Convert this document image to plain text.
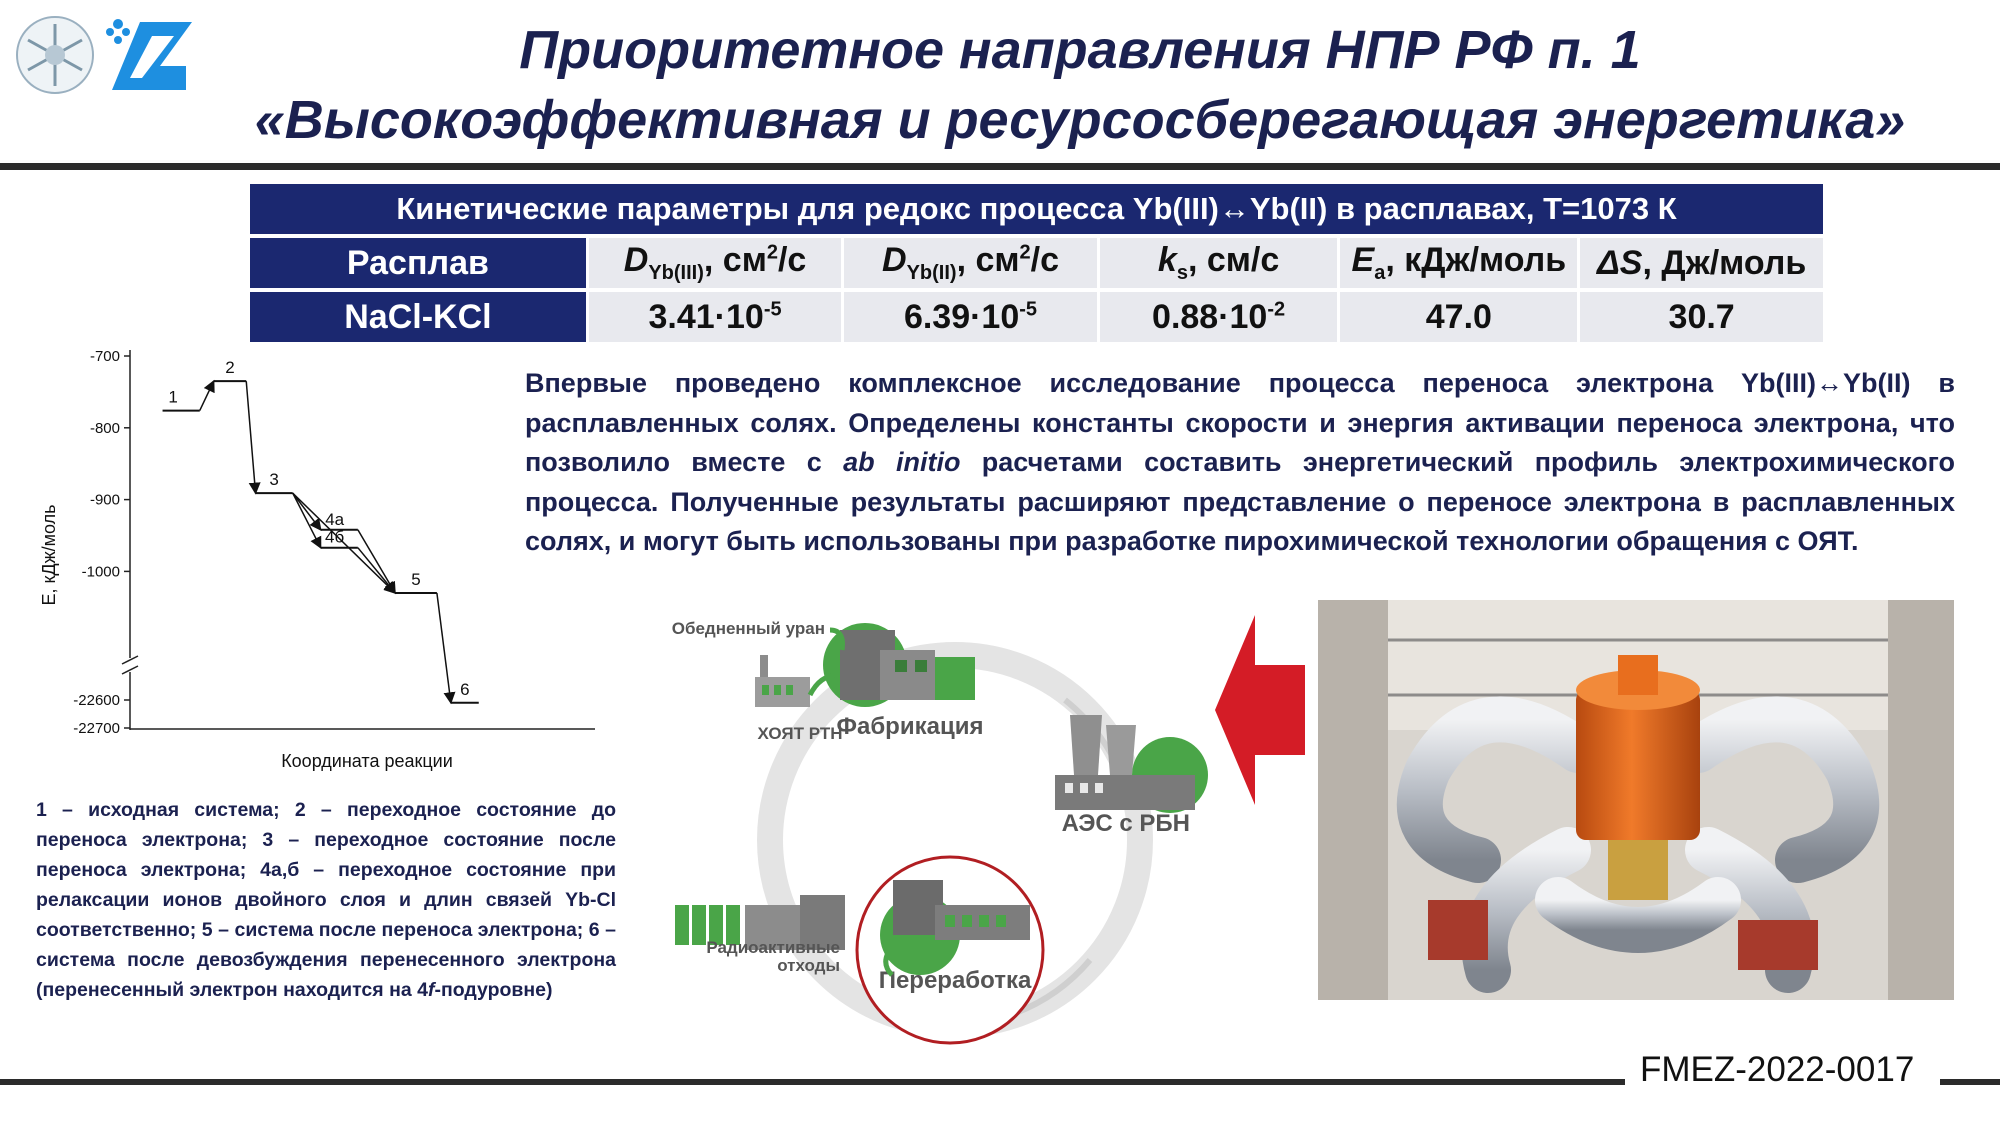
Приоритетное направления НПР РФ п. 1
«Высокоэффективная и ресурсосберегающая энергетика»
Кинетические параметры для редокс процесса Yb(III)↔Yb(II) в расплавах, T=1073 К					
Расплав	$D_{Yb(III)}$, $см^2/с$	$D_{Yb(II)}$, $см^2/с$	$k_s$, см/с	$E_a$, кДж/моль	ΔS, Дж/моль
NaCl-KCl	$3.41\cdot 10^{-5}$	$6.39\cdot 10^{-5}$	$0.88\cdot 10^{-2}$	47.0	30.7
-700
-800
-900
-1000
-22600
-22700
1
2
3
4а
4б
5
6
Координата реакции
E, кДж/моль
Впервые проведено комплексное исследование процесса переноса электрона Yb(III)↔Yb(II) в расплавленных солях. Определены константы скорости и энергия активации переноса электрона, что позволило вместе с ab initio расчетами составить энергетический профиль электрохимического процесса. Полученные результаты расширяют представление о переносе электрона в расплавленных солях, и могут быть использованы при разработке пирохимической технологии обращения с ОЯТ.
1 – исходная система; 2 – переходное состояние до переноса электрона; 3 – переходное состояние после переноса электрона; 4а,б – переходное состояние при релаксации ионов двойного слоя и длин связей Yb-Cl соответственно; 5 – система после переноса электрона; 6 – система после девозбуждения перенесенного электрона (перенесенный электрон находится на 4f-подуровне)
Обедненный уран
ХОЯТ РТН
Фабрикация
АЭС с РБН
Переработка
Радиоактивные
отходы
FMEZ-2022-0017
